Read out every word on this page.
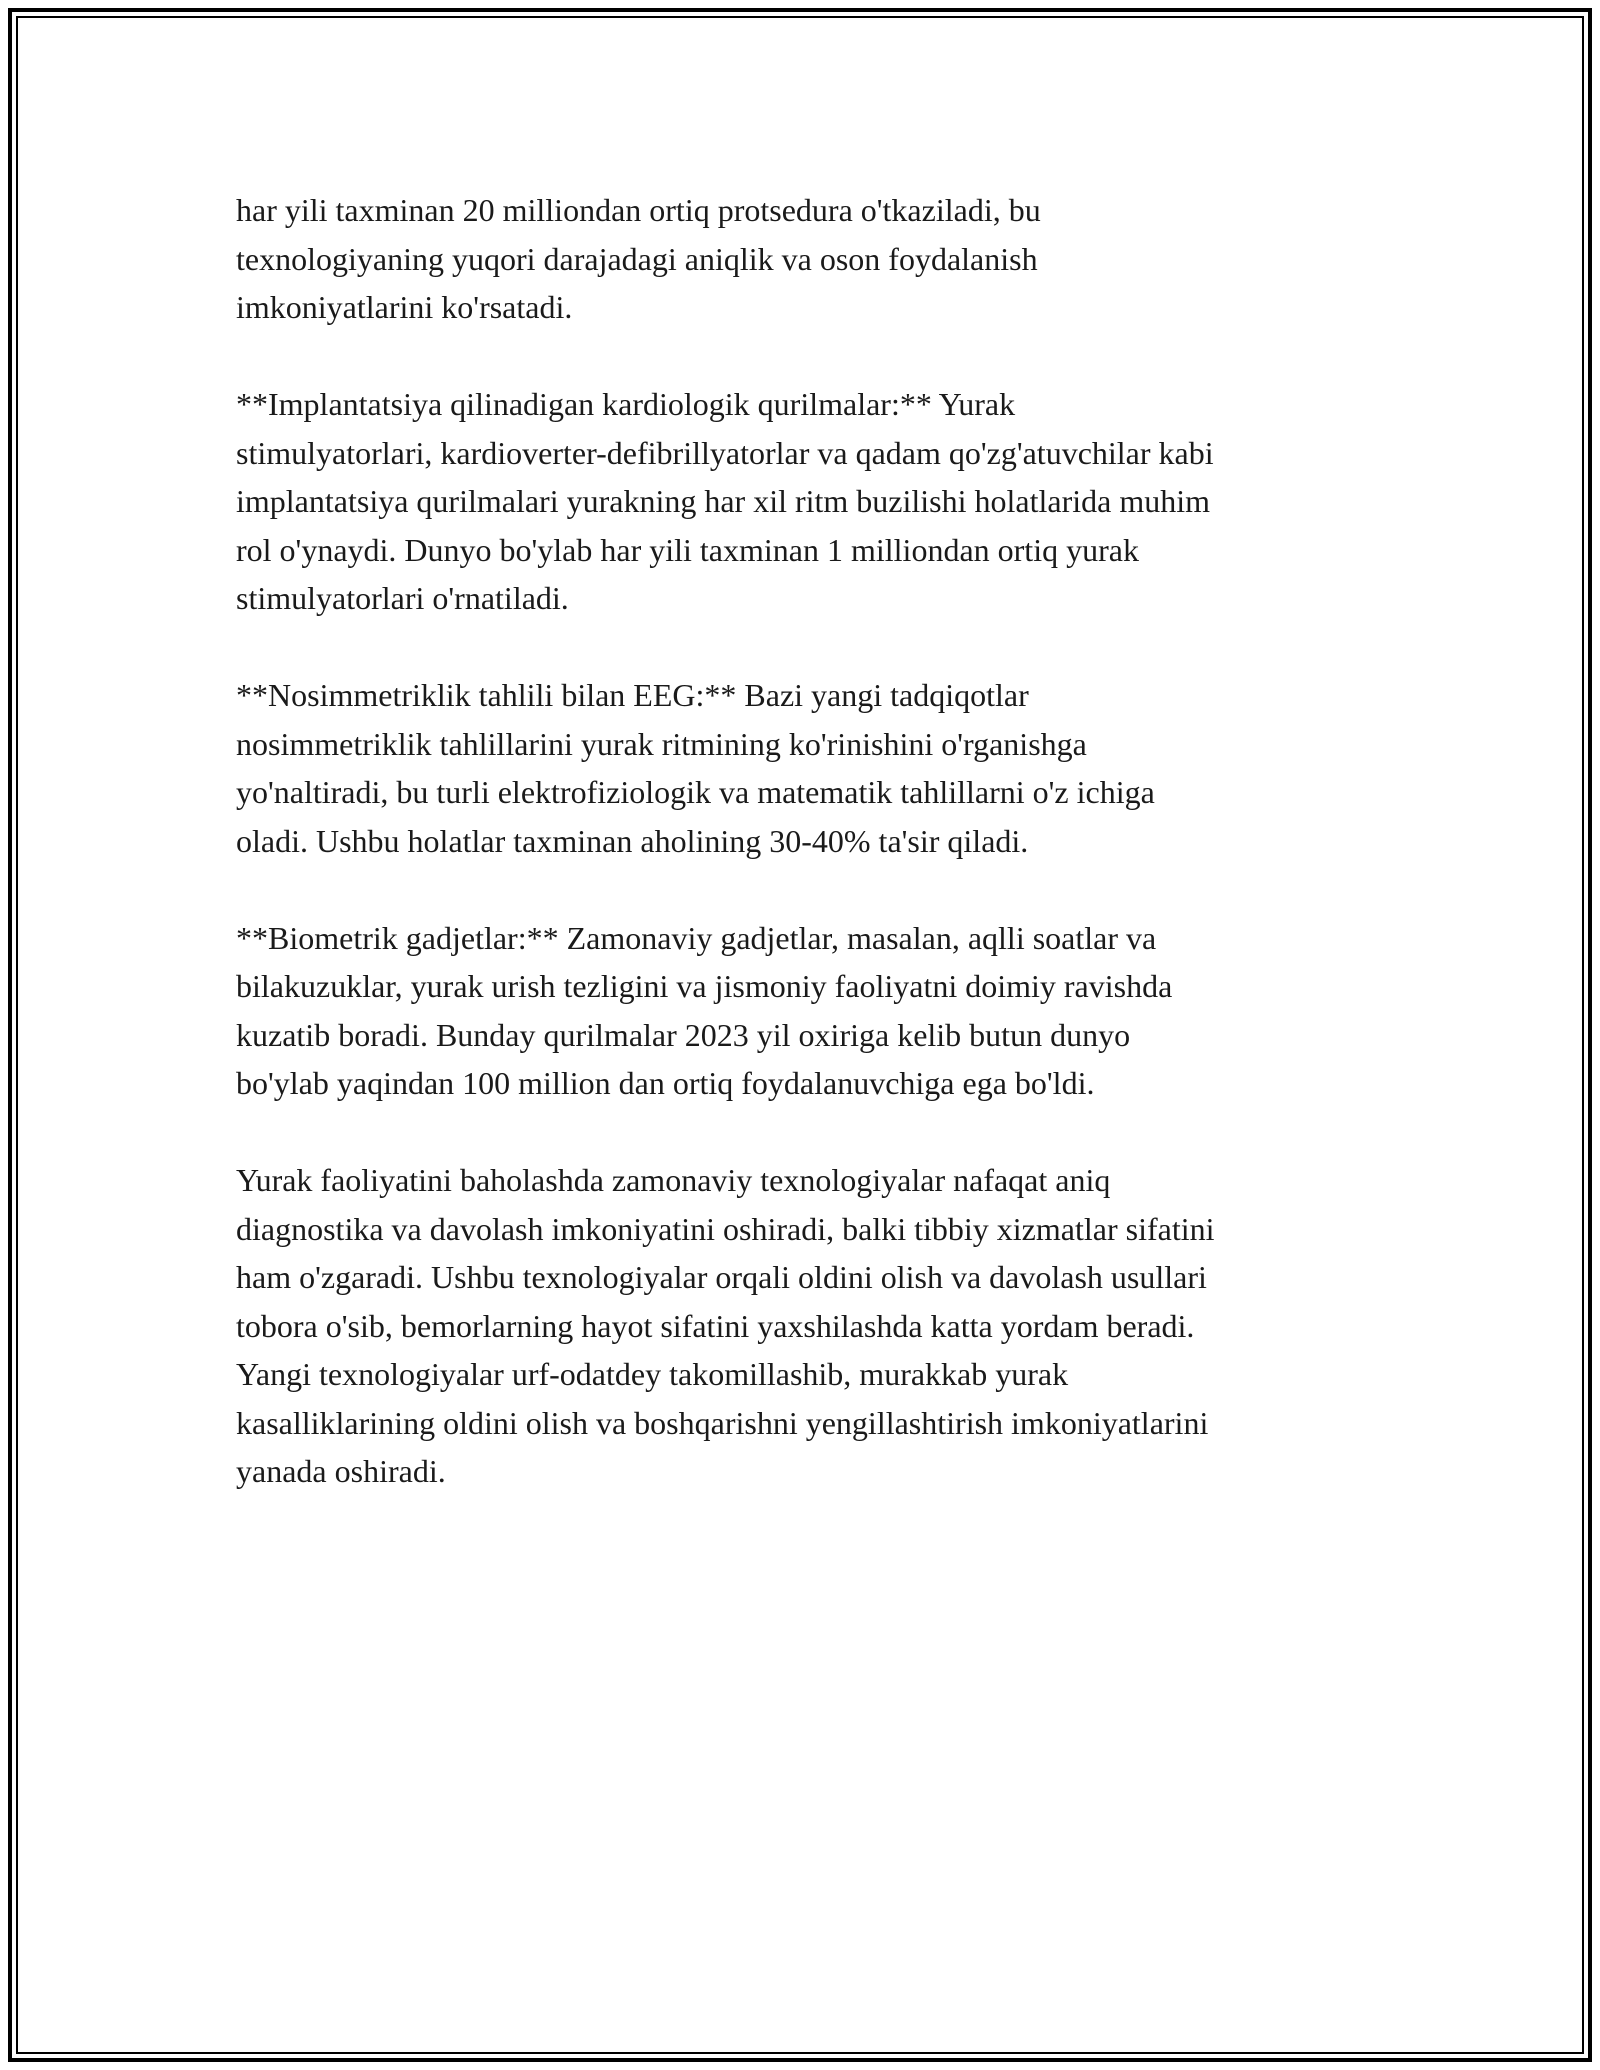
har yili taxminan 20 milliondan ortiq protsedura o'tkaziladi, bu
texnologiyaning yuqori darajadagi aniqlik va oson foydalanish
imkoniyatlarini ko'rsatadi.

**Implantatsiya qilinadigan kardiologik qurilmalar:** Yurak
stimulyatorlari, kardioverter-defibrillyatorlar va qadam qo'zg'atuvchilar kabi
implantatsiya qurilmalari yurakning har xil ritm buzilishi holatlarida muhim
rol o'ynaydi. Dunyo bo'ylab har yili taxminan 1 milliondan ortiq yurak
stimulyatorlari o'rnatiladi.

**Nosimmetriklik tahlili bilan EEG:** Bazi yangi tadqiqotlar
nosimmetriklik tahlillarini yurak ritmining ko'rinishini o'rganishga
yo'naltiradi, bu turli elektrofiziologik va matematik tahlillarni o'z ichiga
oladi. Ushbu holatlar taxminan aholining 30-40% ta'sir qiladi.

**Biometrik gadjetlar:** Zamonaviy gadjetlar, masalan, aqlli soatlar va
bilakuzuklar, yurak urish tezligini va jismoniy faoliyatni doimiy ravishda
kuzatib boradi. Bunday qurilmalar 2023 yil oxiriga kelib butun dunyo
bo'ylab yaqindan 100 million dan ortiq foydalanuvchiga ega bo'ldi.

Yurak faoliyatini baholashda zamonaviy texnologiyalar nafaqat aniq
diagnostika va davolash imkoniyatini oshiradi, balki tibbiy xizmatlar sifatini
ham o'zgaradi. Ushbu texnologiyalar orqali oldini olish va davolash usullari
tobora o'sib, bemorlarning hayot sifatini yaxshilashda katta yordam beradi.
Yangi texnologiyalar urf-odatdey takomillashib, murakkab yurak
kasalliklarining oldini olish va boshqarishni yengillashtirish imkoniyatlarini
yanada oshiradi.
